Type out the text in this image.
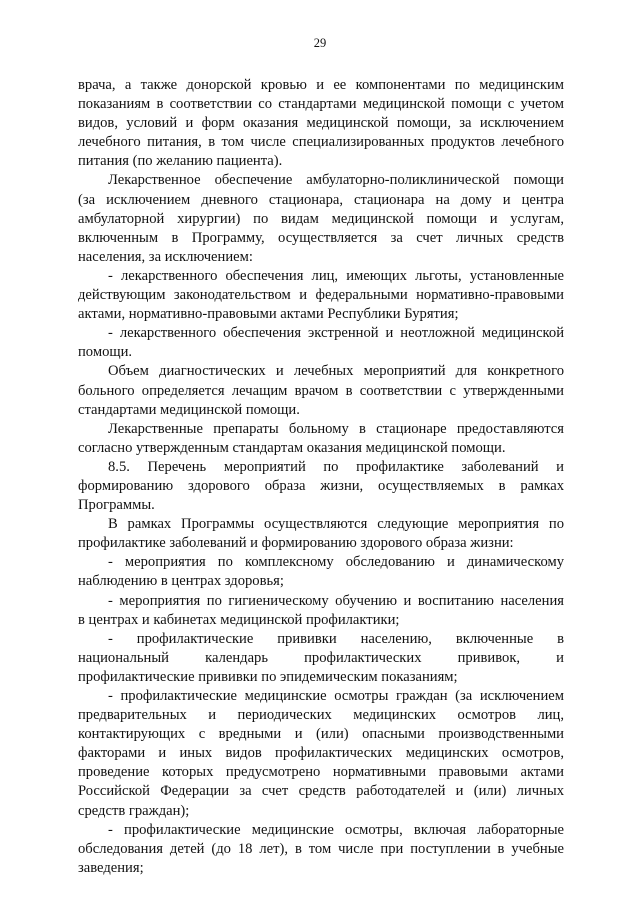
29
врача, а также донорской кровью и ее компонентами по медицинским
показаниям в соответствии со стандартами медицинской помощи с учетом
видов, условий и форм оказания медицинской помощи, за исключением
лечебного питания, в том числе специализированных продуктов лечебного
питания (по желанию пациента).
Лекарственное обеспечение амбулаторно-поликлинической помощи
(за исключением дневного стационара, стационара на дому и центра
амбулаторной хирургии) по видам медицинской помощи и услугам,
включенным в Программу, осуществляется за счет личных средств
населения, за исключением:
- лекарственного обеспечения лиц, имеющих льготы, установленные
действующим законодательством и федеральными нормативно-правовыми
актами, нормативно-правовыми актами Республики Бурятия;
- лекарственного обеспечения экстренной и неотложной медицинской
помощи.
Объем диагностических и лечебных мероприятий для конкретного
больного определяется лечащим врачом в соответствии с утвержденными
стандартами медицинской помощи.
Лекарственные препараты больному в стационаре предоставляются
согласно утвержденным стандартам оказания медицинской помощи.
8.5. Перечень мероприятий по профилактике заболеваний и
формированию здорового образа жизни, осуществляемых в рамках
Программы.
В рамках Программы осуществляются следующие мероприятия по
профилактике заболеваний и формированию здорового образа жизни:
- мероприятия по комплексному обследованию и динамическому
наблюдению в центрах здоровья;
- мероприятия по гигиеническому обучению и воспитанию населения
в центрах и кабинетах медицинской профилактики;
- профилактические прививки населению, включенные в
национальный календарь профилактических прививок, и
профилактические прививки по эпидемическим показаниям;
- профилактические медицинские осмотры граждан (за исключением
предварительных и периодических медицинских осмотров лиц,
контактирующих с вредными и (или) опасными производственными
факторами и иных видов профилактических медицинских осмотров,
проведение которых предусмотрено нормативными правовыми актами
Российской Федерации за счет средств работодателей и (или) личных
средств граждан);
- профилактические медицинские осмотры, включая лабораторные
обследования детей (до 18 лет), в том числе при поступлении в учебные
заведения;
